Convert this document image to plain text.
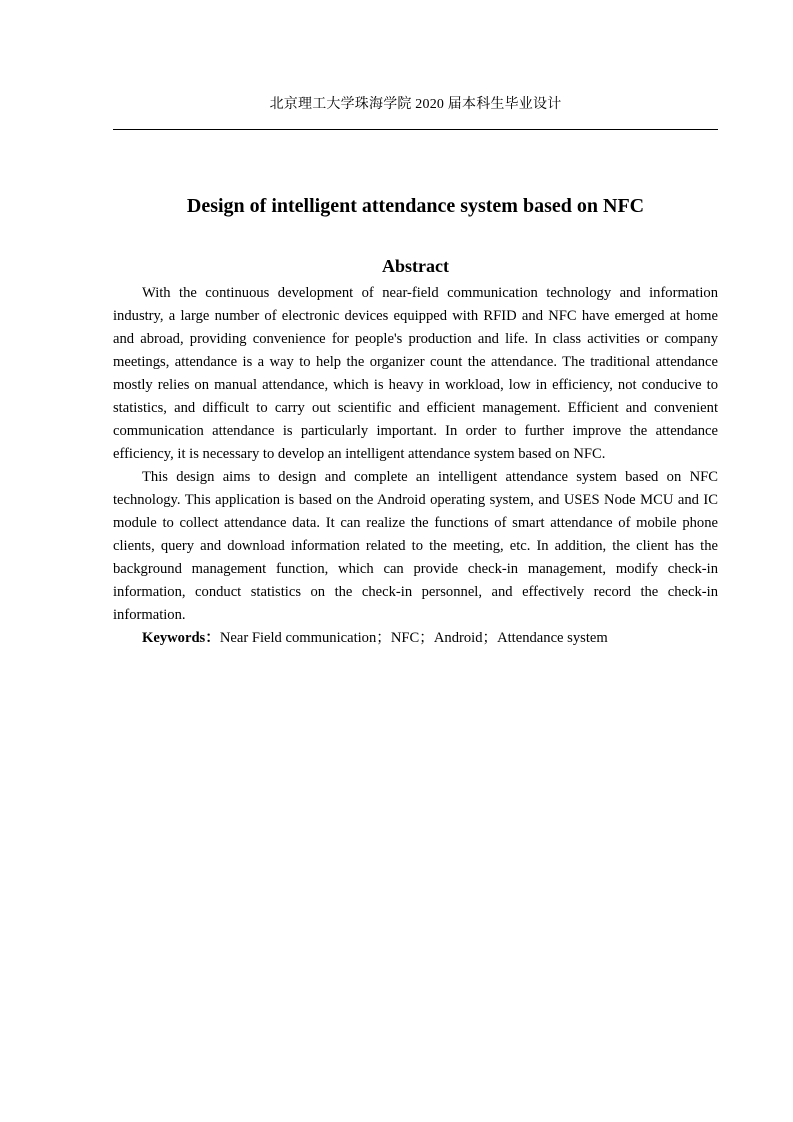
北京理工大学珠海学院 2020 届本科生毕业设计
Design of intelligent attendance system based on NFC
Abstract

With the continuous development of near-field communication technology and information industry, a large number of electronic devices equipped with RFID and NFC have emerged at home and abroad, providing convenience for people's production and life. In class activities or company meetings, attendance is a way to help the organizer count the attendance. The traditional attendance mostly relies on manual attendance, which is heavy in workload, low in efficiency, not conducive to statistics, and difficult to carry out scientific and efficient management. Efficient and convenient communication attendance is particularly important. In order to further improve the attendance efficiency, it is necessary to develop an intelligent attendance system based on NFC.

This design aims to design and complete an intelligent attendance system based on NFC technology. This application is based on the Android operating system, and USES Node MCU and IC module to collect attendance data. It can realize the functions of smart attendance of mobile phone clients, query and download information related to the meeting, etc. In addition, the client has the background management function, which can provide check-in management, modify check-in information, conduct statistics on the check-in personnel, and effectively record the check-in information.

Keywords：Near Field communication；NFC；Android；Attendance system
